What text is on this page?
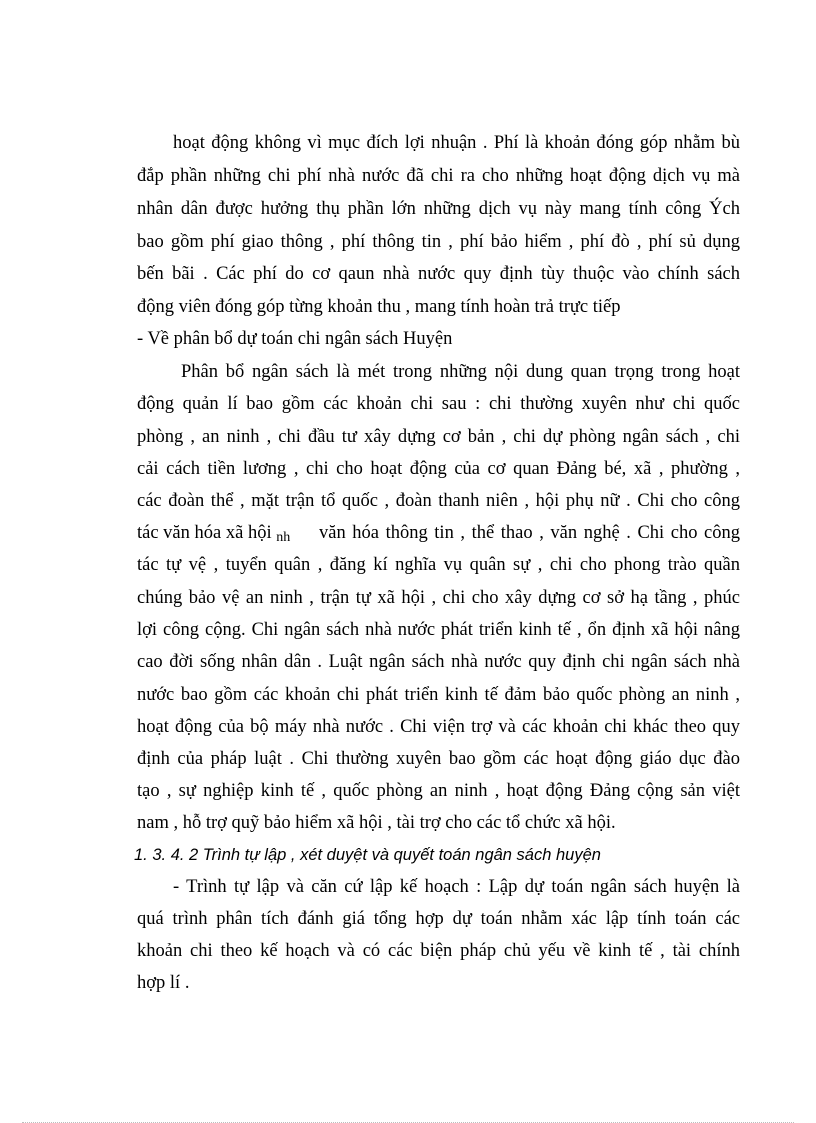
hoạt động không vì mục đích lợi nhuận . Phí là khoản đóng góp nhằm bù
đắp phần những chi phí nhà nước đã chi ra cho những hoạt động dịch vụ mà
nhân dân được hưởng thụ phần lớn những dịch vụ này mang tính công Ých
bao gồm phí giao thông , phí thông tin , phí bảo hiểm , phí đò , phí sủ dụng
bến bãi . Các phí do cơ qaun nhà nước quy định tùy thuộc vào chính sách
động viên đóng góp từng khoản thu , mang tính hoàn trả trực tiếp
- Về phân bổ dự toán chi ngân sách Huyện
Phân bổ ngân sách là mét trong những nội dung quan trọng trong hoạt
động quản lí bao gồm các khoản chi sau : chi thường xuyên như chi quốc
phòng , an ninh , chi đầu tư xây dựng cơ bản , chi dự phòng ngân sách , chi
cải cách tiền lương , chi cho hoạt động của cơ quan Đảng bé, xã , phường ,
các đoàn thể , mặt trận tổ quốc , đoàn thanh niên , hội phụ nữ . Chi cho công
tác văn hóa xã hội $_{nh}$	văn hóa thông tin , thể thao , văn nghệ . Chi cho công
tác tự vệ , tuyển quân , đăng kí nghĩa vụ quân sự , chi cho phong trào quần
chúng bảo vệ an ninh , trận tự xã hội , chi cho xây dựng cơ sở hạ tầng , phúc
lợi công cộng. Chi ngân sách nhà nước phát triển kinh tế , ổn định xã hội nâng
cao đời sống nhân dân . Luật ngân sách nhà nước quy định chi ngân sách nhà
nước bao gồm các khoản chi phát triển kinh tế đảm bảo quốc phòng an ninh ,
hoạt động của bộ máy nhà nước . Chi viện trợ và các khoản chi khác theo quy
định của pháp luật . Chi thường xuyên bao gồm các hoạt động giáo dục đào
tạo , sự nghiệp kinh tế , quốc phòng an ninh , hoạt động Đảng cộng sản việt
nam , hỗ trợ quỹ bảo hiểm xã hội , tài trợ cho các tổ chức xã hội.
1. 3. 4. 2 Trình tự lập , xét duyệt và quyết toán ngân sách huyện
- Trình tự lập và căn cứ lập kế hoạch : Lập dự toán ngân sách huyện là
quá trình phân tích đánh giá tổng hợp dự toán nhằm xác lập tính toán các
khoản chi theo kế hoạch và có các biện pháp chủ yếu về kinh tế , tài chính
hợp lí .
